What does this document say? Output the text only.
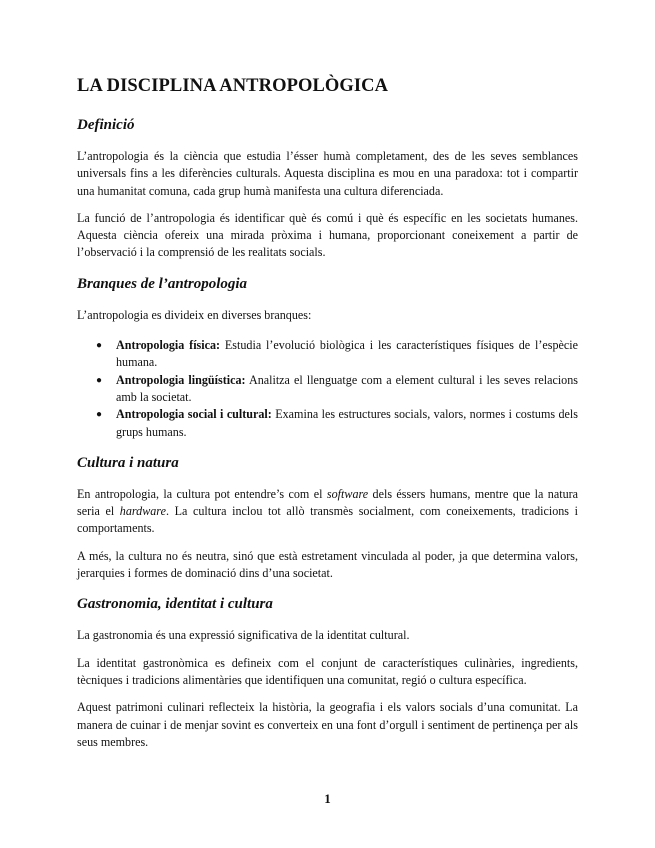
LA DISCIPLINA ANTROPOLÒGICA
Definició

L’antropologia és la ciència que estudia l’ésser humà completament, des de les seves semblances universals fins a les diferències culturals. Aquesta disciplina es mou en una paradoxa: tot i compartir una humanitat comuna, cada grup humà manifesta una cultura diferenciada.

La funció de l’antropologia és identificar què és comú i què és específic en les societats humanes. Aquesta ciència ofereix una mirada pròxima i humana, proporcionant coneixement a partir de l’observació i la comprensió de les realitats socials.

Branques de l’antropologia

L’antropologia es divideix en diverses branques:

● Antropologia física: Estudia l’evolució biològica i les característiques físiques de l’espècie humana.
● Antropologia lingüística: Analitza el llenguatge com a element cultural i les seves relacions amb la societat.
● Antropologia social i cultural: Examina les estructures socials, valors, normes i costums dels grups humans.
Cultura i natura

En antropologia, la cultura pot entendre’s com el software dels éssers humans, mentre que la natura seria el hardware. La cultura inclou tot allò transmès socialment, com coneixements, tradicions i comportaments.

A més, la cultura no és neutra, sinó que està estretament vinculada al poder, ja que determina valors, jerarquies i formes de dominació dins d’una societat.

Gastronomia, identitat i cultura

La gastronomia és una expressió significativa de la identitat cultural.

La identitat gastronòmica es defineix com el conjunt de característiques culinàries, ingredients, tècniques i tradicions alimentàries que identifiquen una comunitat, regió o cultura específica.

Aquest patrimoni culinari reflecteix la història, la geografia i els valors socials d’una comunitat. La manera de cuinar i de menjar sovint es converteix en una font d’orgull i sentiment de pertinença per als seus membres.

1
